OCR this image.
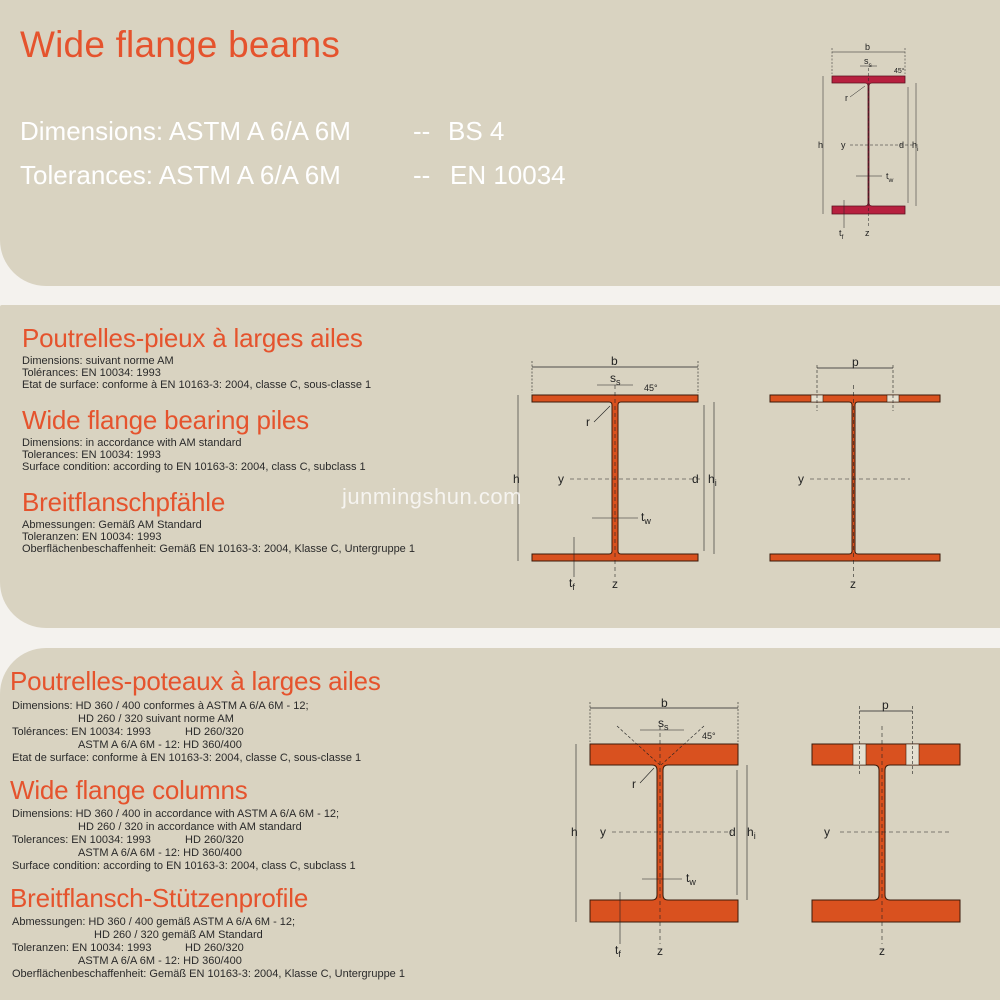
Wide flange beams
Dimensions: ASTM A 6/A 6M -- BS 4
Tolerances: ASTM A 6/A 6M	-- EN 10034
b
$s_s$
45°
r
h	d $h_i$
y
z
$t_w$
$t_f$
Poutrelles-pieux à larges ailes
Dimensions: suivant norme AM
Tolérances: EN 10034: 1993
Etat de surface: conforme à EN 10163-3: 2004, classe C, sous-classe 1
Wide flange bearing piles
Dimensions: in accordance with AM standard
Tolerances: EN 10034: 1993
Surface condition: according to EN 10163-3: 2004, class C, subclass 1
Breitflanschpfähle
Abmessungen: Gemäß AM Standard
Toleranzen: EN 10034: 1993
Oberflächenbeschaffenheit: Gemäß EN 10163-3: 2004, Klasse C, Untergruppe 1
b
$s_s$
45°
r
h	d $h_i$
y
z
$t_w$
$t_f$
p
y
z
Poutrelles-poteaux à larges ailes
Dimensions: HD 360 / 400 conformes à ASTM A 6/A 6M - 12;
HD 260 / 320 suivant norme AM
Tolérances: EN 10034: 1993	HD 260/320
ASTM A 6/A 6M - 12: HD 360/400
Etat de surface: conforme à EN 10163-3: 2004, classe C, sous-classe 1
Wide flange columns
Dimensions: HD 360 / 400 in accordance with ASTM A 6/A 6M - 12;
HD 260 / 320 in accordance with AM standard
Tolerances: EN 10034: 1993	HD 260/320
ASTM A 6/A 6M - 12: HD 360/400
Surface condition: according to EN 10163-3: 2004, class C, subclass 1
Breitflansch-Stützenprofile
Abmessungen: HD 360 / 400 gemäß ASTM A 6/A 6M - 12;
HD 260 / 320 gemäß AM Standard
Toleranzen: EN 10034: 1993	HD 260/320
ASTM A 6/A 6M - 12: HD 360/400
Oberflächenbeschaffenheit: Gemäß EN 10163-3: 2004, Klasse C, Untergruppe 1
b
$s_s$
45°
r
h	d $h_i$
y
z
$t_w$
$t_f$
p
y
z
junmingshun.com
